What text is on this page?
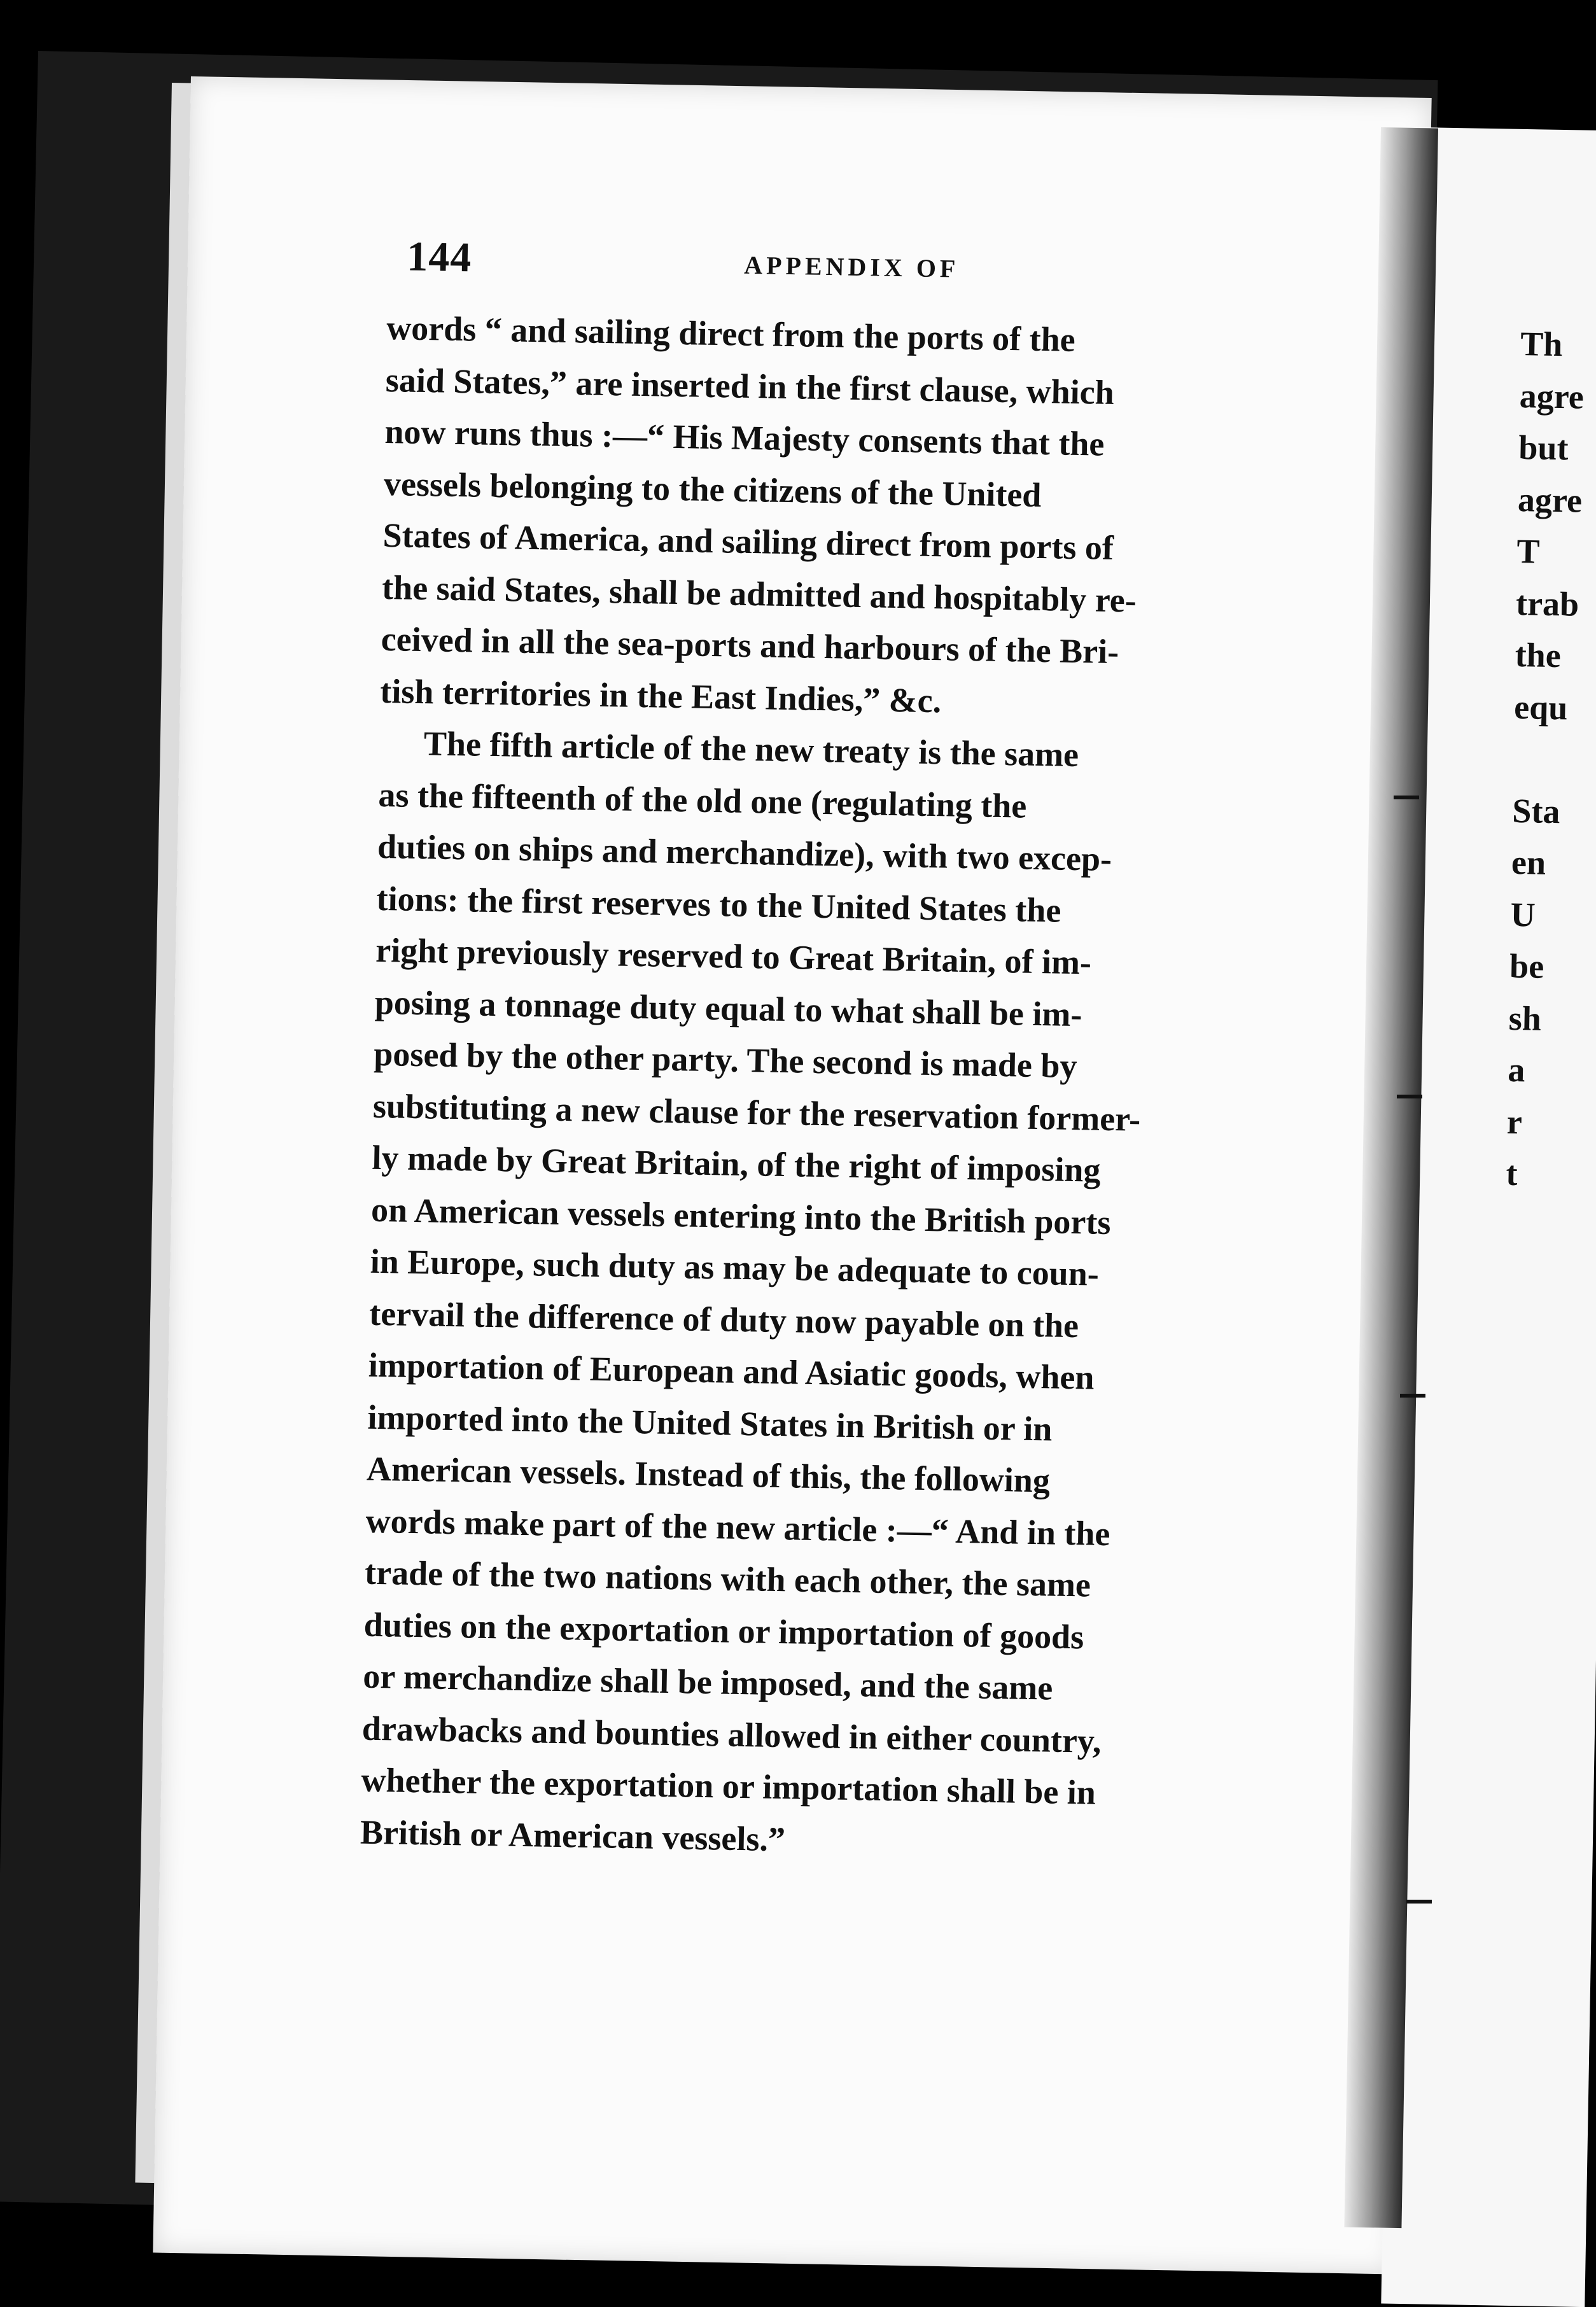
144	APPENDIX OF
words “ and sailing direct from the ports of the
said States,” are inserted in the first clause, which
now runs thus :—“ His Majesty consents that the
vessels belonging to the citizens of the United
States of America, and sailing direct from ports of
the said States, shall be admitted and hospitably re-
ceived in all the sea-ports and harbours of the Bri-
tish territories in the East Indies,” &c.
The fifth article of the new treaty is the same
as the fifteenth of the old one (regulating the
duties on ships and merchandize), with two excep-
tions: the first reserves to the United States the
right previously reserved to Great Britain, of im-
posing a tonnage duty equal to what shall be im-
posed by the other party. The second is made by
substituting a new clause for the reservation former-
ly made by Great Britain, of the right of imposing
on American vessels entering into the British ports
in Europe, such duty as may be adequate to coun-
tervail the difference of duty now payable on the
importation of European and Asiatic goods, when
imported into the United States in British or in
American vessels. Instead of this, the following
words make part of the new article :—“ And in the
trade of the two nations with each other, the same
duties on the exportation or importation of goods
or merchandize shall be imposed, and the same
drawbacks and bounties allowed in either country,
whether the exportation or importation shall be in
British or American vessels.”
Th
agre
but
agre
T
trab
the
equ

Sta
en
U
be
sh
a
r
t
